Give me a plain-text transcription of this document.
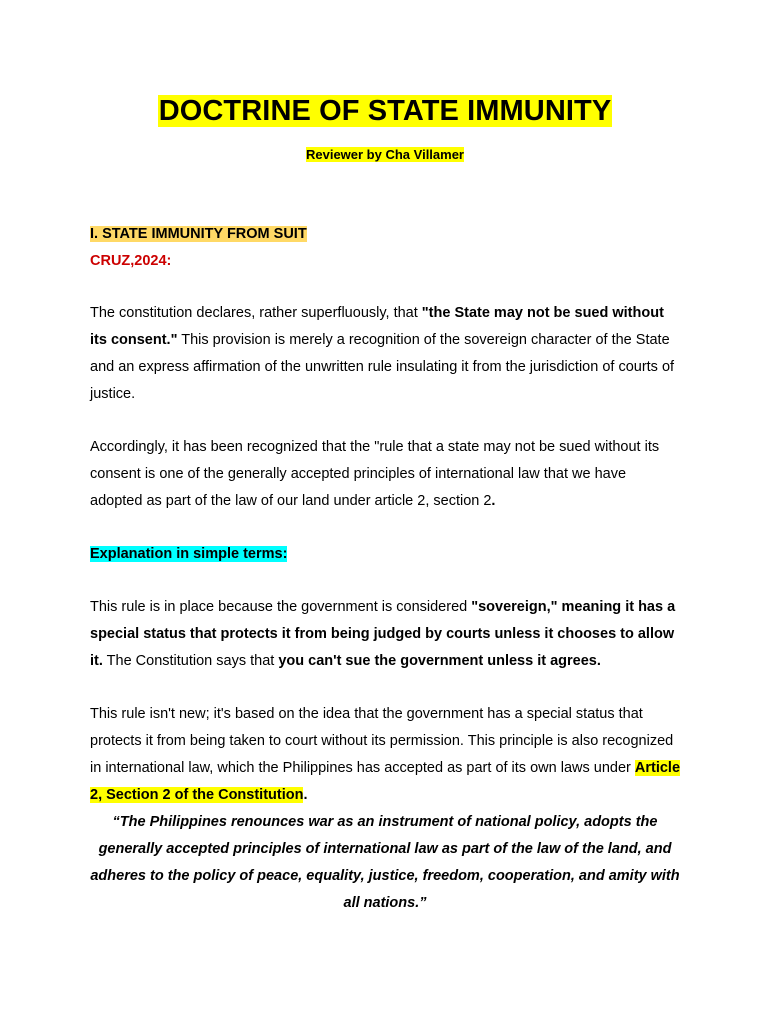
DOCTRINE OF STATE IMMUNITY
Reviewer by Cha Villamer
I. STATE IMMUNITY FROM SUIT
CRUZ,2024:
The constitution declares, rather superfluously, that "the State may not be sued without its consent." This provision is merely a recognition of the sovereign character of the State and an express affirmation of the unwritten rule insulating it from the jurisdiction of courts of justice.
Accordingly, it has been recognized that the "rule that a state may not be sued without its consent is one of the generally accepted principles of international law that we have adopted as part of the law of our land under article 2, section 2.
Explanation in simple terms:
This rule is in place because the government is considered "sovereign," meaning it has a special status that protects it from being judged by courts unless it chooses to allow it. The Constitution says that you can't sue the government unless it agrees.
This rule isn't new; it's based on the idea that the government has a special status that protects it from being taken to court without its permission. This principle is also recognized in international law, which the Philippines has accepted as part of its own laws under Article 2, Section 2 of the Constitution.
“The Philippines renounces war as an instrument of national policy, adopts the generally accepted principles of international law as part of the law of the land, and adheres to the policy of peace, equality, justice, freedom, cooperation, and amity with all nations.”
